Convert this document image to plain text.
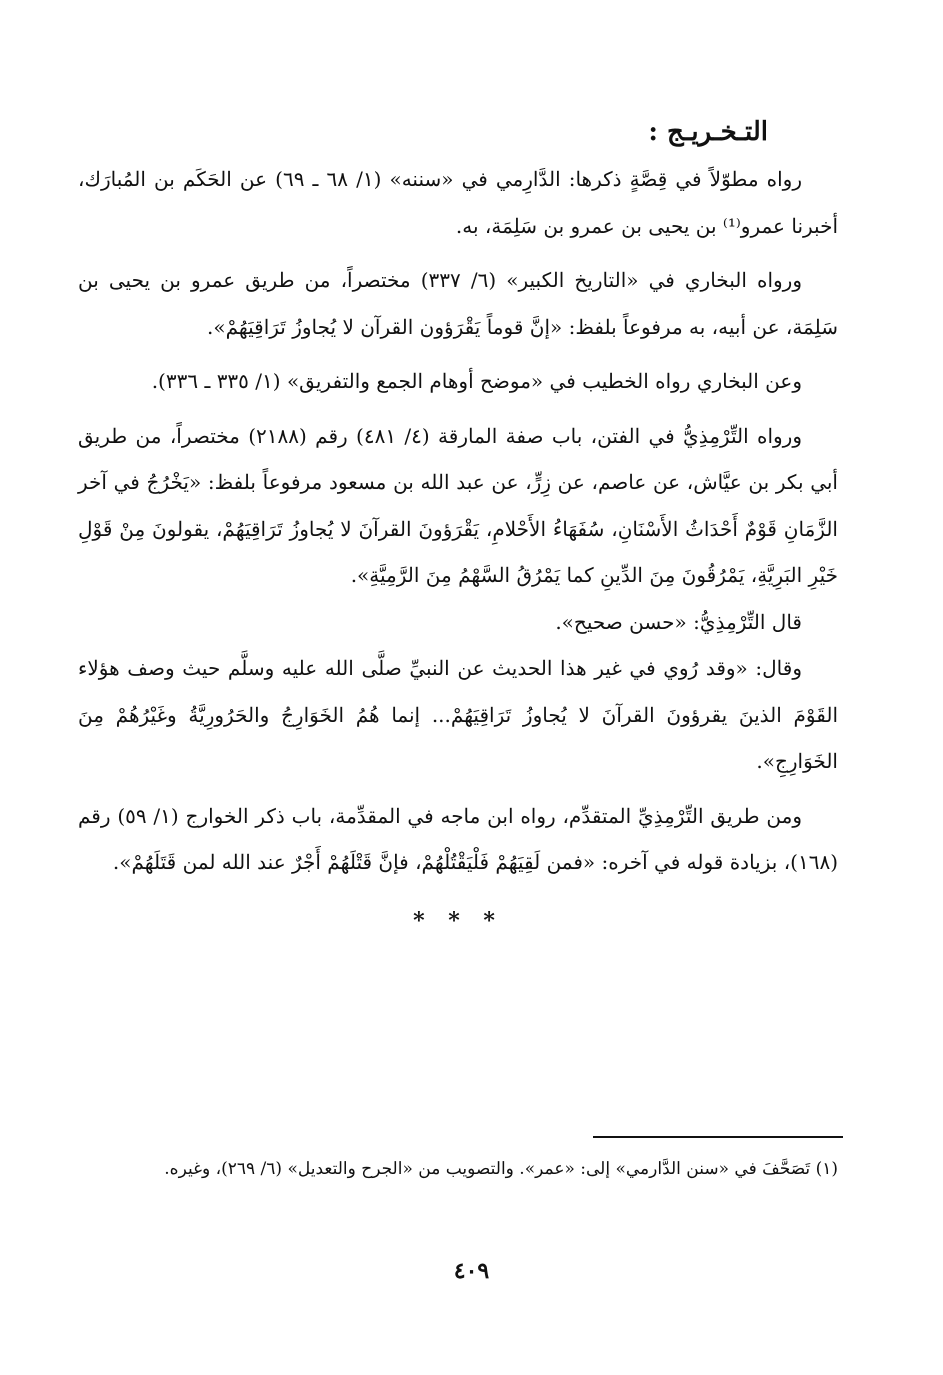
التـخـريـج :

رواه مطوّلاً في قِصَّةٍ ذكرها: الدَّارِمي في «سننه» (١/ ٦٨ ـ ٦٩) عن الحَكَم بن المُبارَك، أخبرنا عمرو⁽¹⁾ بن يحيى بن عمرو بن سَلِمَة، به.

ورواه البخاري في «التاريخ الكبير» (٦/ ٣٣٧) مختصراً، من طريق عمرو بن يحيى بن سَلِمَة، عن أبيه، به مرفوعاً بلفظ: «إنَّ قوماً يَقْرَؤون القرآن لا يُجاوزُ تَرَاقِيَهُمْ».

وعن البخاري رواه الخطيب في «موضح أوهام الجمع والتفريق» (١/ ٣٣٥ ـ ٣٣٦).

ورواه التِّرْمِذِيُّ في الفتن، باب صفة المارقة (٤/ ٤٨١) رقم (٢١٨٨) مختصراً، من طريق أبي بكر بن عيَّاش، عن عاصم، عن زِرٍّ، عن عبد الله بن مسعود مرفوعاً بلفظ: «يَخْرُجُ في آخر الزَّمَانِ قَوْمٌ أَحْدَاثُ الأَسْنَانِ، سُفَهَاءُ الأَحْلامِ، يَقْرَؤونَ القرآنَ لا يُجاوزُ تَرَاقِيَهُمْ، يقولونَ مِنْ قَوْلِ خَيْرِ البَرِيَّةِ، يَمْرُقُونَ مِنَ الدِّينِ كما يَمْرُقُ السَّهْمُ مِنَ الرَّمِيَّةِ».

قال التِّرْمِذِيُّ: «حسن صحيح».

وقال: «وقد رُوي في غير هذا الحديث عن النبيِّ صلَّى الله عليه وسلَّم حيث وصف هؤلاء القَوْمَ الذينَ يقرؤونَ القرآنَ لا يُجاوزُ تَرَاقِيَهُمْ... إنما هُمُ الخَوَارِجُ والحَرُورِيَّةُ وغَيْرُهُمْ مِنَ الخَوَارِجِ».

ومن طريق التِّرْمِذِيِّ المتقدِّم، رواه ابن ماجه في المقدِّمة، باب ذكر الخوارج (١/ ٥٩) رقم (١٦٨)، بزيادة قوله في آخره: «فمن لَقِيَهُمْ فَلْيَقْتُلْهُمْ، فإنَّ قَتْلَهُمْ أَجْرٌ عند الله لمن قَتَلَهُمْ».

* * *
(١) تَصَحَّفَ في «سنن الدَّارمي» إلى: «عمر». والتصويب من «الجرح والتعديل» (٦/ ٢٦٩)، وغيره.
٤٠٩
